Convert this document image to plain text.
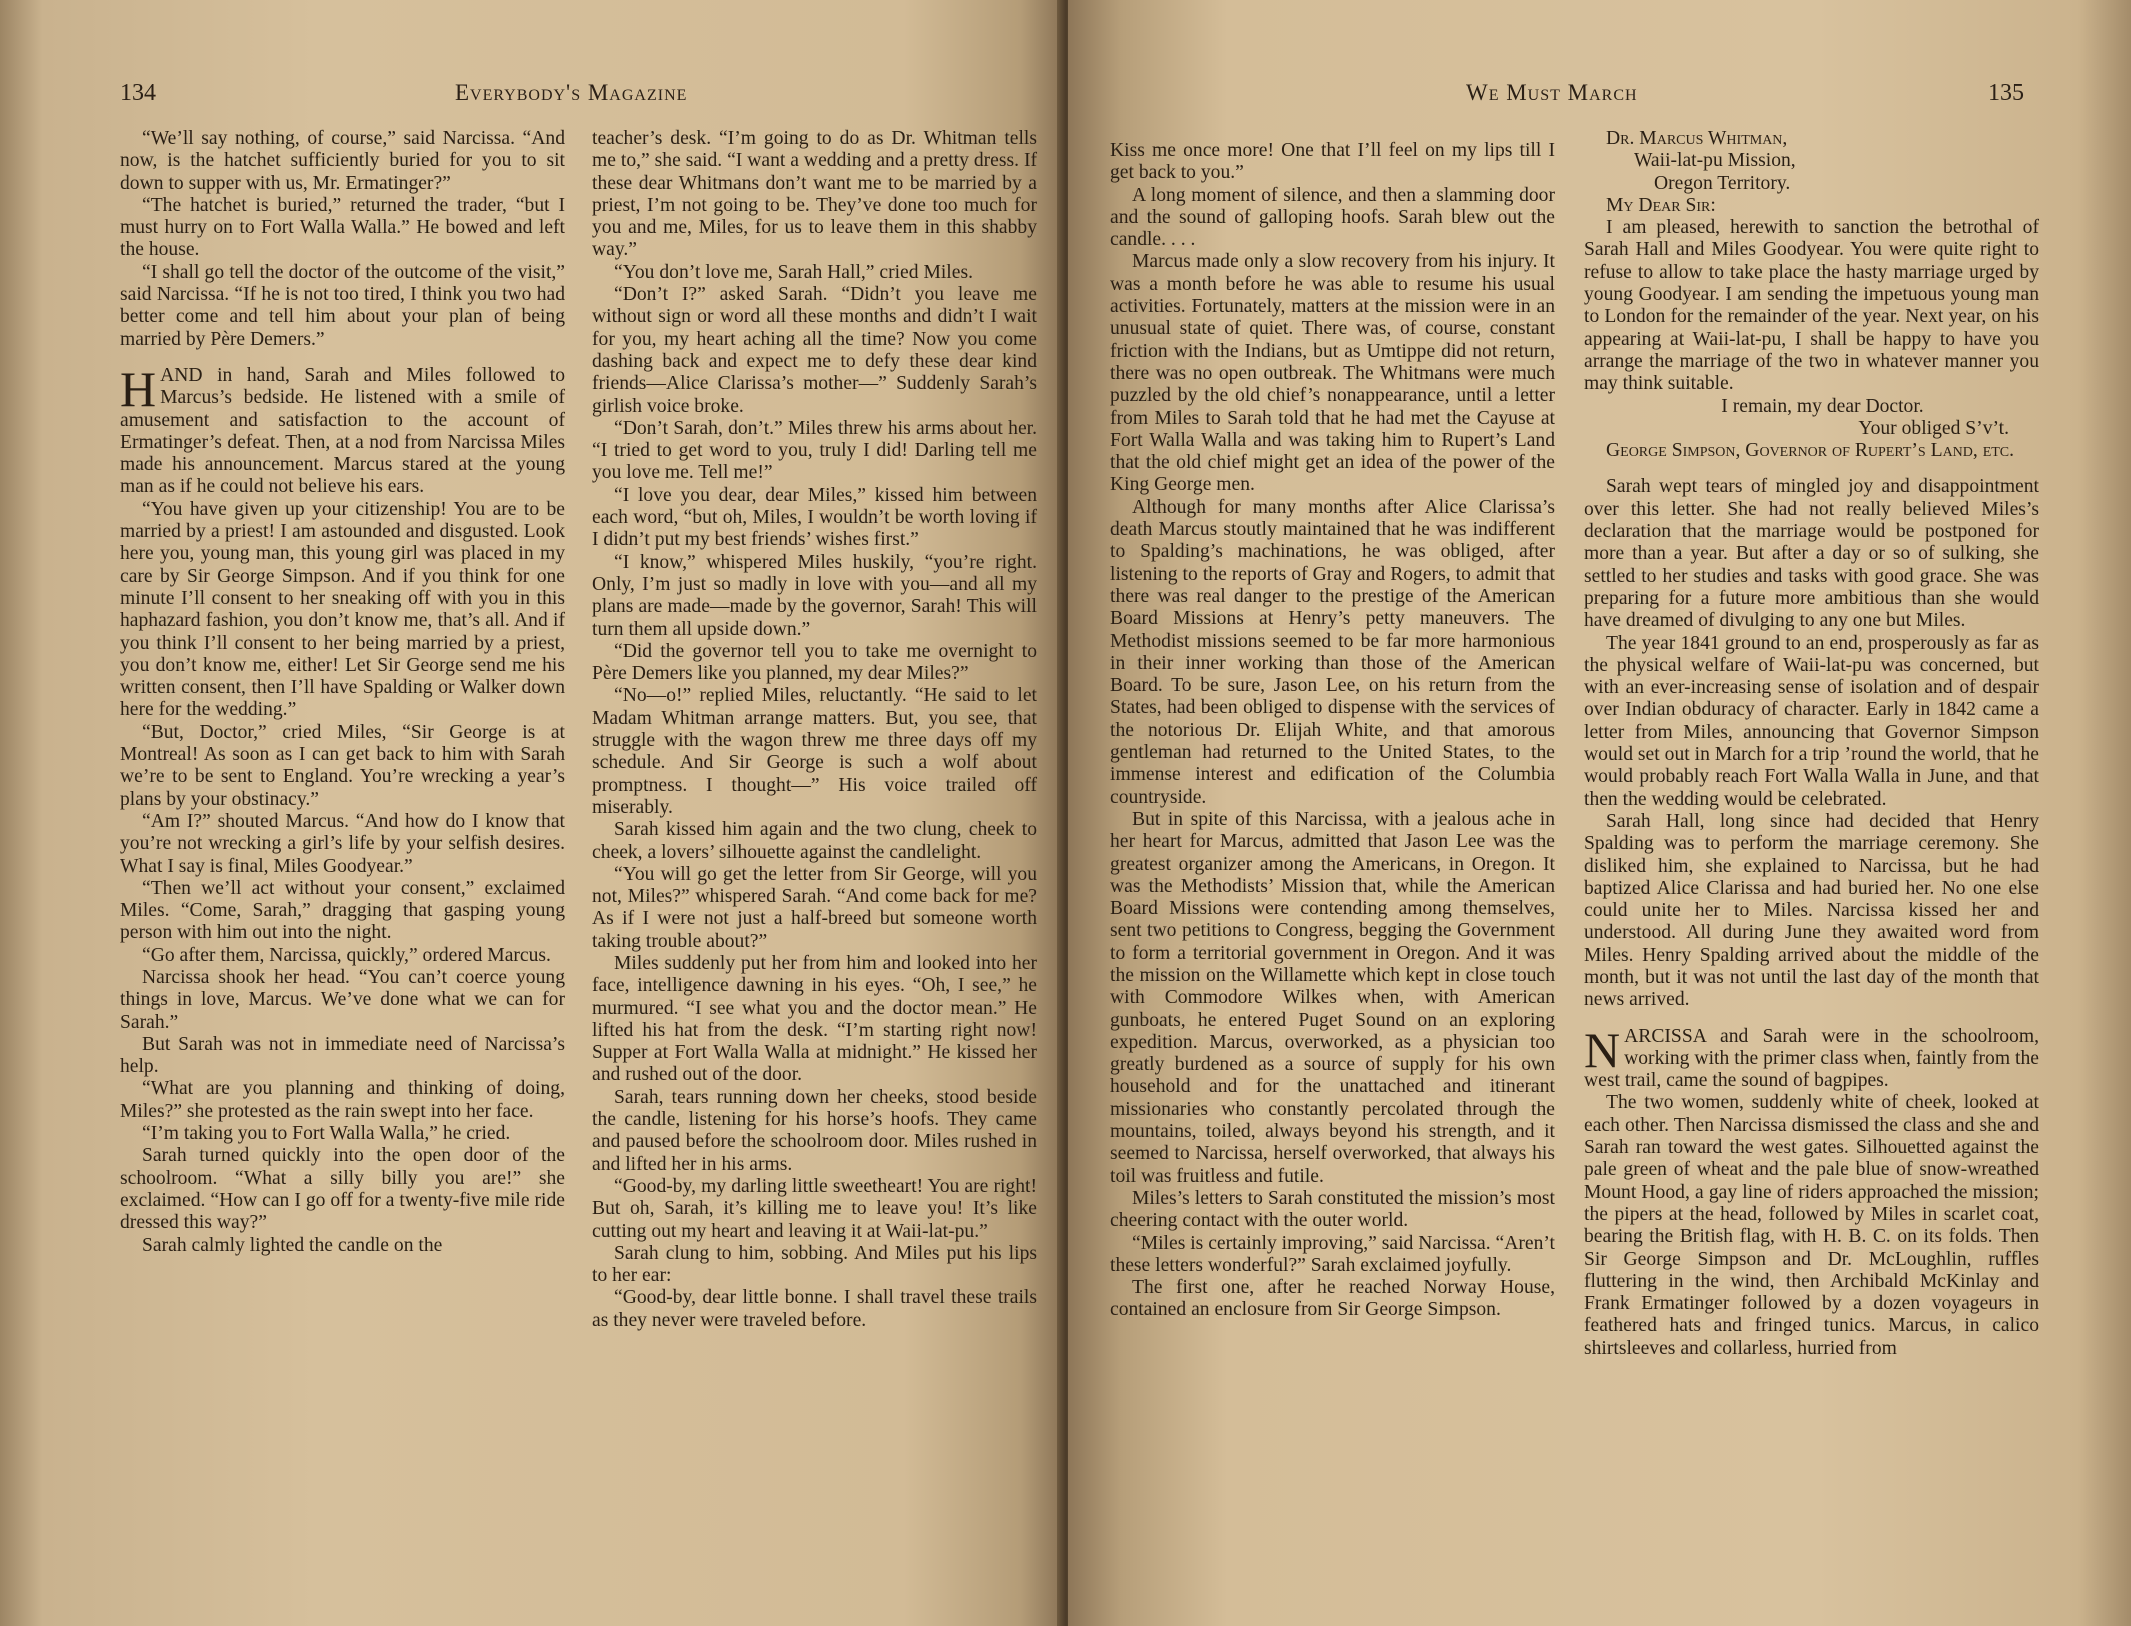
134	Everybody's Magazine

“We’ll say nothing, of course,” said Narcissa. “And now, is the hatchet sufficiently buried for you to sit down to supper with us, Mr. Ermatinger?”

“The hatchet is buried,” returned the trader, “but I must hurry on to Fort Walla Walla.” He bowed and left the house.

“I shall go tell the doctor of the outcome of the visit,” said Narcissa. “If he is not too tired, I think you two had better come and tell him about your plan of being married by Père Demers.”

HAND in hand, Sarah and Miles followed to Marcus’s bedside. He listened with a smile of amusement and satisfaction to the account of Ermatinger’s defeat. Then, at a nod from Narcissa Miles made his announcement. Marcus stared at the young man as if he could not believe his ears.

“You have given up your citizenship! You are to be married by a priest! I am astounded and disgusted. Look here you, young man, this young girl was placed in my care by Sir George Simpson. And if you think for one minute I’ll consent to her sneaking off with you in this haphazard fashion, you don’t know me, that’s all. And if you think I’ll consent to her being married by a priest, you don’t know me, either! Let Sir George send me his written consent, then I’ll have Spalding or Walker down here for the wedding.”

“But, Doctor,” cried Miles, “Sir George is at Montreal! As soon as I can get back to him with Sarah we’re to be sent to England. You’re wrecking a year’s plans by your obstinacy.”

“Am I?” shouted Marcus. “And how do I know that you’re not wrecking a girl’s life by your selfish desires. What I say is final, Miles Goodyear.”

“Then we’ll act without your consent,” exclaimed Miles. “Come, Sarah,” dragging that gasping young person with him out into the night.

“Go after them, Narcissa, quickly,” ordered Marcus.

Narcissa shook her head. “You can’t coerce young things in love, Marcus. We’ve done what we can for Sarah.”

But Sarah was not in immediate need of Narcissa’s help.

“What are you planning and thinking of doing, Miles?” she protested as the rain swept into her face.

“I’m taking you to Fort Walla Walla,” he cried.

Sarah turned quickly into the open door of the schoolroom. “What a silly billy you are!” she exclaimed. “How can I go off for a twenty-five mile ride dressed this way?”

Sarah calmly lighted the candle on the

teacher’s desk. “I’m going to do as Dr. Whitman tells me to,” she said. “I want a wedding and a pretty dress. If these dear Whitmans don’t want me to be married by a priest, I’m not going to be. They’ve done too much for you and me, Miles, for us to leave them in this shabby way.”

“You don’t love me, Sarah Hall,” cried Miles.

“Don’t I?” asked Sarah. “Didn’t you leave me without sign or word all these months and didn’t I wait for you, my heart aching all the time? Now you come dashing back and expect me to defy these dear kind friends—Alice Clarissa’s mother—” Suddenly Sarah’s girlish voice broke.

“Don’t Sarah, don’t.” Miles threw his arms about her. “I tried to get word to you, truly I did! Darling tell me you love me. Tell me!”

“I love you dear, dear Miles,” kissed him between each word, “but oh, Miles, I wouldn’t be worth loving if I didn’t put my best friends’ wishes first.”

“I know,” whispered Miles huskily, “you’re right. Only, I’m just so madly in love with you—and all my plans are made—made by the governor, Sarah! This will turn them all upside down.”

“Did the governor tell you to take me overnight to Père Demers like you planned, my dear Miles?”

“No—o!” replied Miles, reluctantly. “He said to let Madam Whitman arrange matters. But, you see, that struggle with the wagon threw me three days off my schedule. And Sir George is such a wolf about promptness. I thought—” His voice trailed off miserably.

Sarah kissed him again and the two clung, cheek to cheek, a lovers’ silhouette against the candlelight.

“You will go get the letter from Sir George, will you not, Miles?” whispered Sarah. “And come back for me? As if I were not just a half-breed but someone worth taking trouble about?”

Miles suddenly put her from him and looked into her face, intelligence dawning in his eyes. “Oh, I see,” he murmured. “I see what you and the doctor mean.” He lifted his hat from the desk. “I’m starting right now! Supper at Fort Walla Walla at midnight.” He kissed her and rushed out of the door.

Sarah, tears running down her cheeks, stood beside the candle, listening for his horse’s hoofs. They came and paused before the schoolroom door. Miles rushed in and lifted her in his arms.

“Good-by, my darling little sweetheart! You are right! But oh, Sarah, it’s killing me to leave you! It’s like cutting out my heart and leaving it at Waii-lat-pu.”

Sarah clung to him, sobbing. And Miles put his lips to her ear:

“Good-by, dear little bonne. I shall travel these trails as they never were traveled before.

We Must March	135

Kiss me once more! One that I’ll feel on my lips till I get back to you.”

A long moment of silence, and then a slamming door and the sound of galloping hoofs. Sarah blew out the candle. . . .

Marcus made only a slow recovery from his injury. It was a month before he was able to resume his usual activities. Fortunately, matters at the mission were in an unusual state of quiet. There was, of course, constant friction with the Indians, but as Umtippe did not return, there was no open outbreak. The Whitmans were much puzzled by the old chief’s nonappearance, until a letter from Miles to Sarah told that he had met the Cayuse at Fort Walla Walla and was taking him to Rupert’s Land that the old chief might get an idea of the power of the King George men.

Although for many months after Alice Clarissa’s death Marcus stoutly maintained that he was indifferent to Spalding’s machinations, he was obliged, after listening to the reports of Gray and Rogers, to admit that there was real danger to the prestige of the American Board Missions at Henry’s petty maneuvers. The Methodist missions seemed to be far more harmonious in their inner working than those of the American Board. To be sure, Jason Lee, on his return from the States, had been obliged to dispense with the services of the notorious Dr. Elijah White, and that amorous gentleman had returned to the United States, to the immense interest and edification of the Columbia countryside.

But in spite of this Narcissa, with a jealous ache in her heart for Marcus, admitted that Jason Lee was the greatest organizer among the Americans, in Oregon. It was the Methodists’ Mission that, while the American Board Missions were contending among themselves, sent two petitions to Congress, begging the Government to form a territorial government in Oregon. And it was the mission on the Willamette which kept in close touch with Commodore Wilkes when, with American gunboats, he entered Puget Sound on an exploring expedition. Marcus, overworked, as a physician too greatly burdened as a source of supply for his own household and for the unattached and itinerant missionaries who constantly percolated through the mountains, toiled, always beyond his strength, and it seemed to Narcissa, herself overworked, that always his toil was fruitless and futile.

Miles’s letters to Sarah constituted the mission’s most cheering contact with the outer world.

“Miles is certainly improving,” said Narcissa. “Aren’t these letters wonderful?” Sarah exclaimed joyfully.

The first one, after he reached Norway House, contained an enclosure from Sir George Simpson.

Dr. Marcus Whitman,

Waii-lat-pu Mission,

Oregon Territory.

My Dear Sir:

I am pleased, herewith to sanction the betrothal of Sarah Hall and Miles Goodyear. You were quite right to refuse to allow to take place the hasty marriage urged by young Goodyear. I am sending the impetuous young man to London for the remainder of the year. Next year, on his appearing at Waii-lat-pu, I shall be happy to have you arrange the marriage of the two in whatever manner you may think suitable.

I remain, my dear Doctor.

Your obliged S’v’t.

George Simpson, Governor of Rupert’s Land, etc.

Sarah wept tears of mingled joy and disappointment over this letter. She had not really believed Miles’s declaration that the marriage would be postponed for more than a year. But after a day or so of sulking, she settled to her studies and tasks with good grace. She was preparing for a future more ambitious than she would have dreamed of divulging to any one but Miles.

The year 1841 ground to an end, prosperously as far as the physical welfare of Waii-lat-pu was concerned, but with an ever-increasing sense of isolation and of despair over Indian obduracy of character. Early in 1842 came a letter from Miles, announcing that Governor Simpson would set out in March for a trip ’round the world, that he would probably reach Fort Walla Walla in June, and that then the wedding would be celebrated.

Sarah Hall, long since had decided that Henry Spalding was to perform the marriage ceremony. She disliked him, she explained to Narcissa, but he had baptized Alice Clarissa and had buried her. No one else could unite her to Miles. Narcissa kissed her and understood. All during June they awaited word from Miles. Henry Spalding arrived about the middle of the month, but it was not until the last day of the month that news arrived.

NARCISSA and Sarah were in the schoolroom, working with the primer class when, faintly from the west trail, came the sound of bagpipes.

The two women, suddenly white of cheek, looked at each other. Then Narcissa dismissed the class and she and Sarah ran toward the west gates. Silhouetted against the pale green of wheat and the pale blue of snow-wreathed Mount Hood, a gay line of riders approached the mission; the pipers at the head, followed by Miles in scarlet coat, bearing the British flag, with H. B. C. on its folds. Then Sir George Simpson and Dr. McLoughlin, ruffles fluttering in the wind, then Archibald McKinlay and Frank Ermatinger followed by a dozen voyageurs in feathered hats and fringed tunics. Marcus, in calico shirtsleeves and collarless, hurried from
